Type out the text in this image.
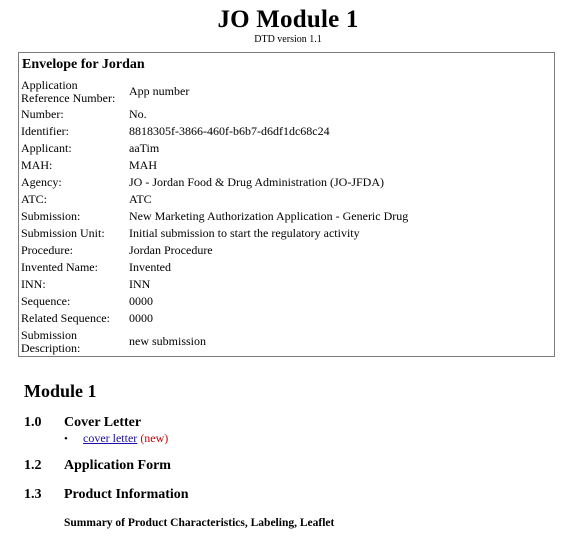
JO Module 1
DTD version 1.1
Envelope for Jordan
Application Reference Number:	App number
Number:	No.
Identifier:	8818305f-3866-460f-b6b7-d6df1dc68c24
Applicant:	aaTim
MAH:	MAH
Agency:	JO - Jordan Food & Drug Administration (JO-JFDA)
ATC:	ATC
Submission:	New Marketing Authorization Application - Generic Drug
Submission Unit:	Initial submission to start the regulatory activity
Procedure:	Jordan Procedure
Invented Name:	Invented
INN:	INN
Sequence:	0000
Related Sequence:	0000
Submission Description:	new submission
Module 1
1.0 Cover Letter
• cover letter (new)
1.2 Application Form
1.3 Product Information
Summary of Product Characteristics, Labeling, Leaflet
